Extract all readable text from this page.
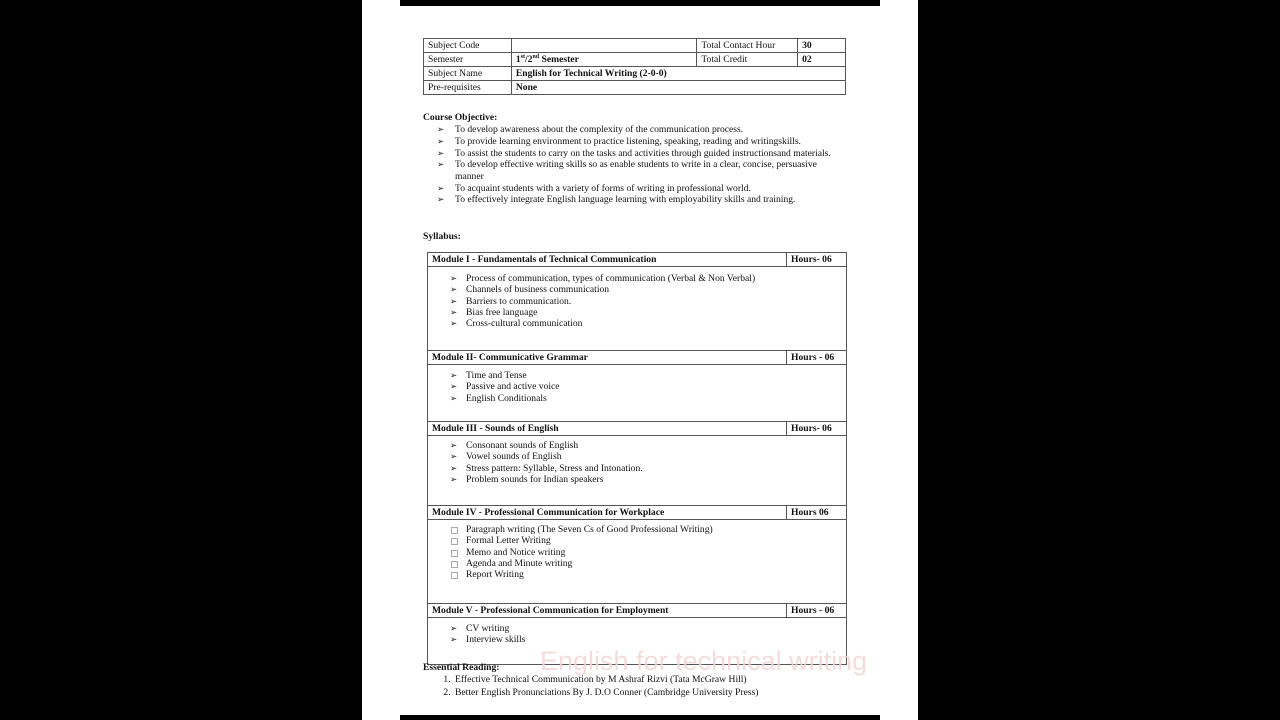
Subject Code		Total Contact Hour	30
Semester	1st/2nd Semester	Total Credit	02
Subject Name	English for Technical Writing (2-0-0)		
Pre-requisites	None		
Course Objective:
➢ To develop awareness about the complexity of the communication process.
➢ To provide learning environment to practice listening, speaking, reading and writingskills.
➢ To assist the students to carry on the tasks and activities through guided instructionsand materials.
➢ To develop effective writing skills so as enable students to write in a clear, concise, persuasive manner
➢ To acquaint students with a variety of forms of writing in professional world.
➢ To effectively integrate English language learning with employability skills and training.
Syllabus:
Module I - Fundamentals of Technical Communication	Hours- 06
➢ Process of communication, types of communication (Verbal & Non Verbal)
➢ Channels of business communication
➢ Barriers to communication.
➢ Bias free language
➢ Cross-cultural communication
Module II- Communicative Grammar	Hours - 06
➢ Time and Tense
➢ Passive and active voice
➢ English Conditionals
Module III - Sounds of English	Hours- 06
➢ Consonant sounds of English
➢ Vowel sounds of English
➢ Stress pattern: Syllable, Stress and Intonation.
➢ Problem sounds for Indian speakers
Module IV - Professional Communication for Workplace	Hours 06
Paragraph writing (The Seven Cs of Good Professional Writing)
Formal Letter Writing
Memo and Notice writing
Agenda and Minute writing
Report Writing
Module V - Professional Communication for Employment	Hours - 06
➢ CV writing
➢ Interview skills
Essential Reading:
1. Effective Technical Communication by M Ashraf Rizvi (Tata McGraw Hill)
2. Better English Pronunciations By J. D.O Conner (Cambridge University Press)
English for technical writing
